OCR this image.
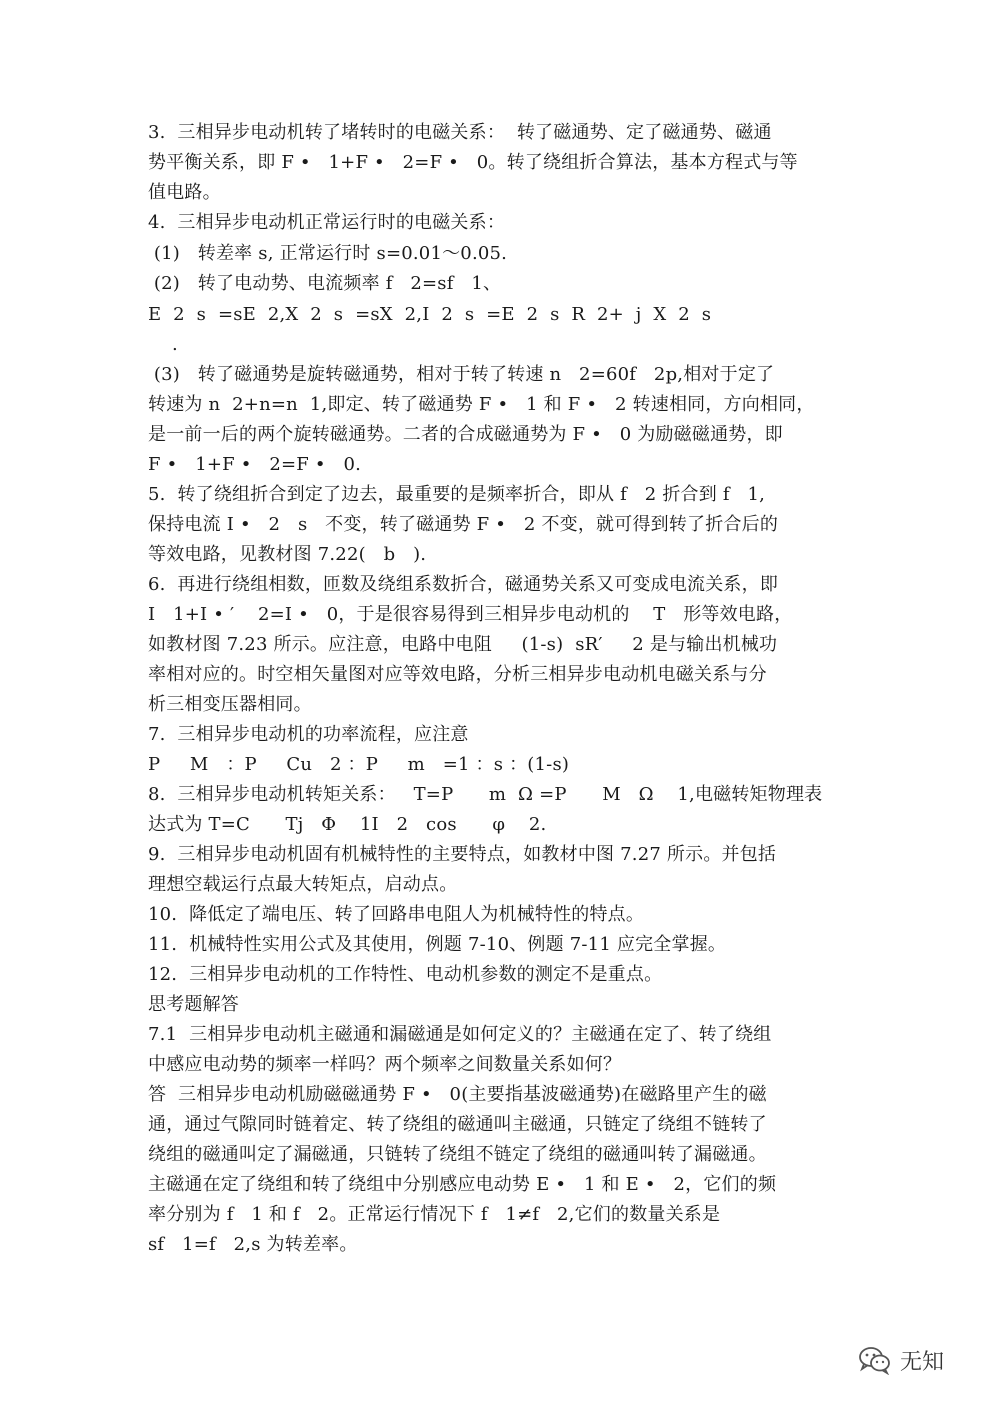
3.  三相异步电动机转了堵转时的电磁关系：  转了磁通势、定了磁通势、磁通
势平衡关系，即 F •   1+F •   2=F •   0。转了绕组折合算法，基本方程式与等
值电路。
4.  三相异步电动机正常运行时的电磁关系：
(1)   转差率 s, 正常运行时 s=0.01～0.05.
(2)   转了电动势、电流频率 f   2=sf   1、
E  2  s  =sE  2,X  2  s  =sX  2,I  2  s  =E  2  s  R  2+  j  X  2  s
.
(3)   转了磁通势是旋转磁通势，相对于转了转速 n   2=60f   2p,相对于定了
转速为 n  2+n=n  1,即定、转了磁通势 F •   1 和 F •   2 转速相同，方向相同，
是一前一后的两个旋转磁通势。二者的合成磁通势为 F •   0 为励磁磁通势，即
F •   1+F •   2=F •   0.
5.  转了绕组折合到定了边去，最重要的是频率折合，即从 f   2 折合到 f   1,
保持电流 I •   2   s   不变，转了磁通势 F •   2 不变，就可得到转了折合后的
等效电路，见教材图 7.22(   b   ).
6.  再进行绕组相数，匝数及绕组系数折合，磁通势关系又可变成电流关系，即
I   1+I • ′    2=I •   0，于是很容易得到三相异步电动机的    T   形等效电路，
如教材图 7.23 所示。应注意，电路中电阻     (1-s)  sR′     2 是与输出机械功
率相对应的。时空相矢量图对应等效电路，分析三相异步电动机电磁关系与分
析三相变压器相同。
7.  三相异步电动机的功率流程，应注意
P     M   ：P     Cu   2 ：P     m   =1 ：s ：(1-s)
8.  三相异步电动机转矩关系：   T=P      m  Ω =P      M   Ω    1,电磁转矩物理表
达式为 T=C      Tj   Φ    1I   2   cos      φ    2.
9.  三相异步电动机固有机械特性的主要特点，如教材中图 7.27 所示。并包括
理想空载运行点最大转矩点，启动点。
10.  降低定了端电压、转了回路串电阻人为机械特性的特点。
11.  机械特性实用公式及其使用，例题 7-10、例题 7-11 应完全掌握。
12.  三相异步电动机的工作特性、电动机参数的测定不是重点。
思考题解答
7.1  三相异步电动机主磁通和漏磁通是如何定义的？主磁通在定了、转了绕组
中感应电动势的频率一样吗？两个频率之间数量关系如何？
答  三相异步电动机励磁磁通势 F •   0(主要指基波磁通势)在磁路里产生的磁
通，通过气隙同时链着定、转了绕组的磁通叫主磁通，只链定了绕组不链转了
绕组的磁通叫定了漏磁通，只链转了绕组不链定了绕组的磁通叫转了漏磁通。
主磁通在定了绕组和转了绕组中分别感应电动势 E •   1 和 E •   2，它们的频
率分别为 f   1 和 f   2。正常运行情况下 f   1≠f   2,它们的数量关系是
sf   1=f   2,s 为转差率。
无知
